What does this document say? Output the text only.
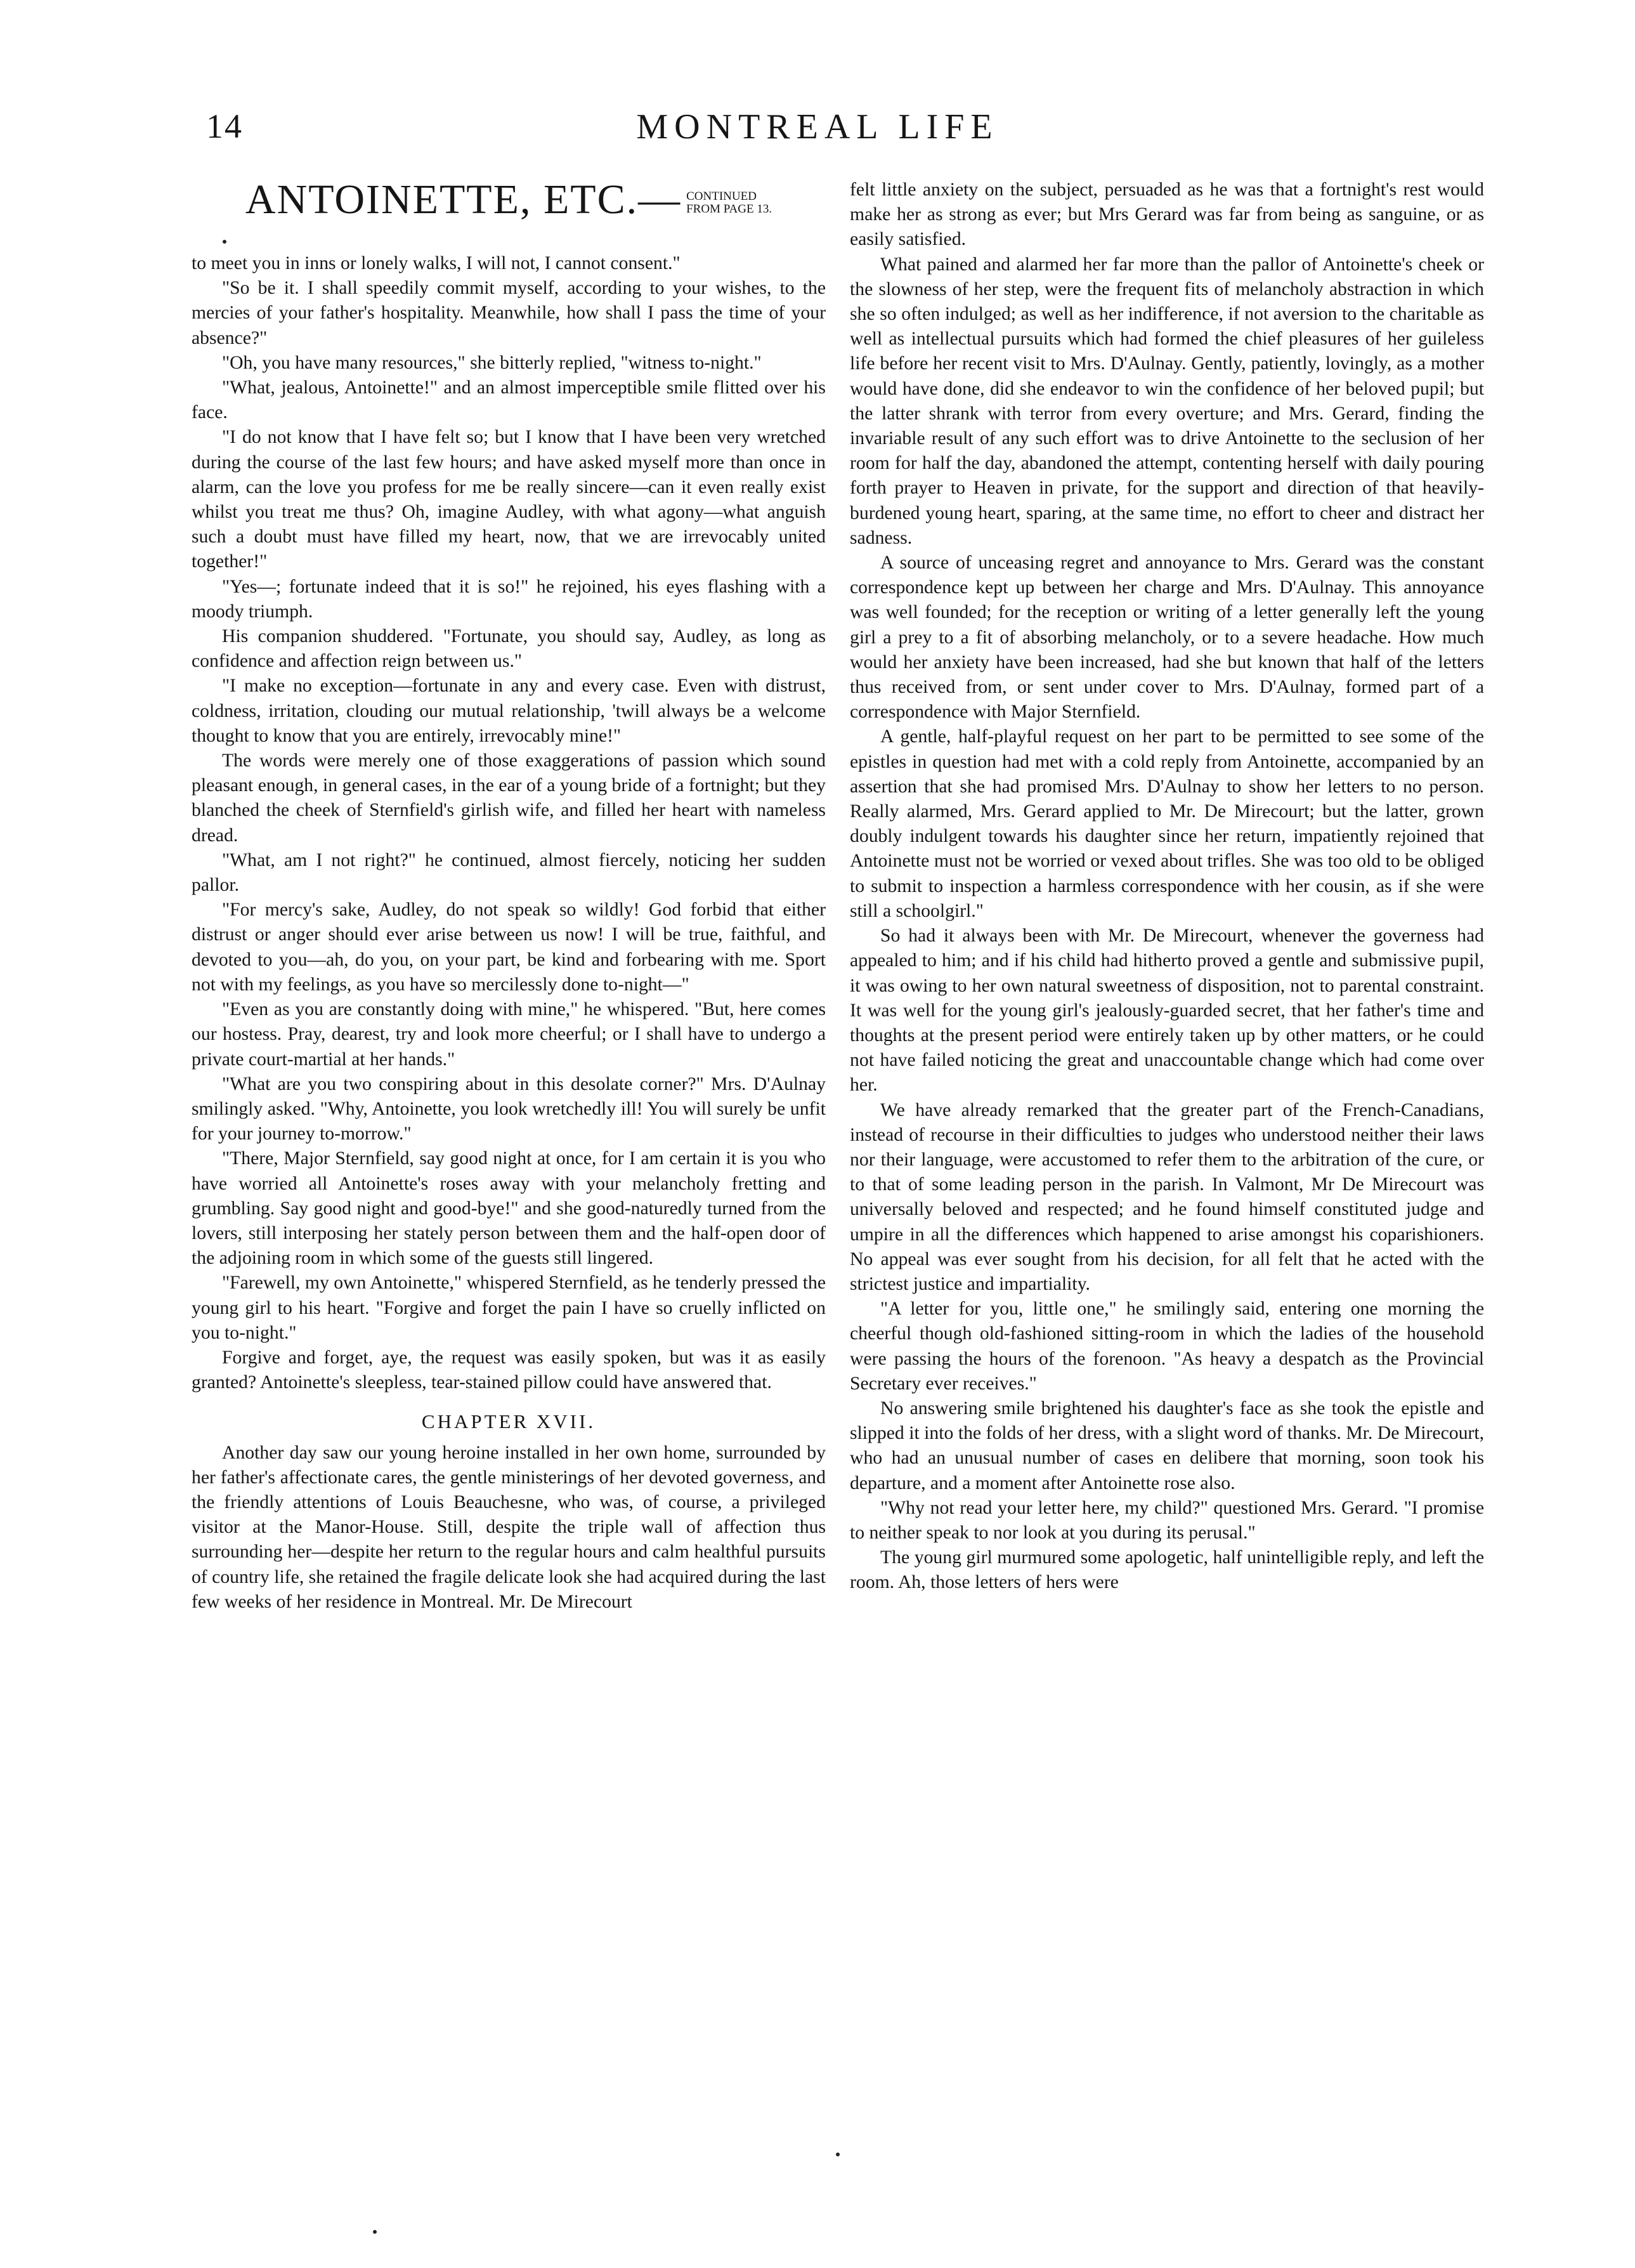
14	MONTREAL LIFE
ANTOINETTE, ETC.— CONTINUED
FROM PAGE 13.

to meet you in inns or lonely walks, I will not, I cannot consent."

"So be it. I shall speedily commit myself, according to your wishes, to the mercies of your father's hospitality. Meanwhile, how shall I pass the time of your absence?"

"Oh, you have many resources," she bitterly replied, "witness to-night."

"What, jealous, Antoinette!" and an almost imperceptible smile flitted over his face.

"I do not know that I have felt so; but I know that I have been very wretched during the course of the last few hours; and have asked myself more than once in alarm, can the love you profess for me be really sincere—can it even really exist whilst you treat me thus? Oh, imagine Audley, with what agony—what anguish such a doubt must have filled my heart, now, that we are irrevocably united together!"

"Yes—; fortunate indeed that it is so!" he rejoined, his eyes flashing with a moody triumph.

His companion shuddered. "Fortunate, you should say, Audley, as long as confidence and affection reign between us."

"I make no exception—fortunate in any and every case. Even with distrust, coldness, irritation, clouding our mutual relationship, 'twill always be a welcome thought to know that you are entirely, irrevocably mine!"

The words were merely one of those exaggerations of passion which sound pleasant enough, in general cases, in the ear of a young bride of a fortnight; but they blanched the cheek of Sternfield's girlish wife, and filled her heart with nameless dread.

"What, am I not right?" he continued, almost fiercely, noticing her sudden pallor.

"For mercy's sake, Audley, do not speak so wildly! God forbid that either distrust or anger should ever arise between us now! I will be true, faithful, and devoted to you—ah, do you, on your part, be kind and forbearing with me. Sport not with my feelings, as you have so mercilessly done to-night—"

"Even as you are constantly doing with mine," he whispered. "But, here comes our hostess. Pray, dearest, try and look more cheerful; or I shall have to undergo a private court-martial at her hands."

"What are you two conspiring about in this desolate corner?" Mrs. D'Aulnay smilingly asked. "Why, Antoinette, you look wretchedly ill! You will surely be unfit for your journey to-morrow."

"There, Major Sternfield, say good night at once, for I am certain it is you who have worried all Antoinette's roses away with your melancholy fretting and grumbling. Say good night and good-bye!" and she good-naturedly turned from the lovers, still interposing her stately person between them and the half-open door of the adjoining room in which some of the guests still lingered.

"Farewell, my own Antoinette," whispered Sternfield, as he tenderly pressed the young girl to his heart. "Forgive and forget the pain I have so cruelly inflicted on you to-night."

Forgive and forget, aye, the request was easily spoken, but was it as easily granted? Antoinette's sleepless, tear-stained pillow could have answered that.

CHAPTER XVII.

Another day saw our young heroine installed in her own home, surrounded by her father's affectionate cares, the gentle ministerings of her devoted governess, and the friendly attentions of Louis Beauchesne, who was, of course, a privileged visitor at the Manor-House. Still, despite the triple wall of affection thus surrounding her—despite her return to the regular hours and calm healthful pursuits of country life, she retained the fragile delicate look she had acquired during the last few weeks of her residence in Montreal. Mr. De Mirecourt

felt little anxiety on the subject, persuaded as he was that a fortnight's rest would make her as strong as ever; but Mrs Gerard was far from being as sanguine, or as easily satisfied.

What pained and alarmed her far more than the pallor of Antoinette's cheek or the slowness of her step, were the frequent fits of melancholy abstraction in which she so often indulged; as well as her indifference, if not aversion to the charitable as well as intellectual pursuits which had formed the chief pleasures of her guileless life before her recent visit to Mrs. D'Aulnay. Gently, patiently, lovingly, as a mother would have done, did she endeavor to win the confidence of her beloved pupil; but the latter shrank with terror from every overture; and Mrs. Gerard, finding the invariable result of any such effort was to drive Antoinette to the seclusion of her room for half the day, abandoned the attempt, contenting herself with daily pouring forth prayer to Heaven in private, for the support and direction of that heavily-burdened young heart, sparing, at the same time, no effort to cheer and distract her sadness.

A source of unceasing regret and annoyance to Mrs. Gerard was the constant correspondence kept up between her charge and Mrs. D'Aulnay. This annoyance was well founded; for the reception or writing of a letter generally left the young girl a prey to a fit of absorbing melancholy, or to a severe headache. How much would her anxiety have been increased, had she but known that half of the letters thus received from, or sent under cover to Mrs. D'Aulnay, formed part of a correspondence with Major Sternfield.

A gentle, half-playful request on her part to be permitted to see some of the epistles in question had met with a cold reply from Antoinette, accompanied by an assertion that she had promised Mrs. D'Aulnay to show her letters to no person. Really alarmed, Mrs. Gerard applied to Mr. De Mirecourt; but the latter, grown doubly indulgent towards his daughter since her return, impatiently rejoined that Antoinette must not be worried or vexed about trifles. She was too old to be obliged to submit to inspection a harmless correspondence with her cousin, as if she were still a schoolgirl."

So had it always been with Mr. De Mirecourt, whenever the governess had appealed to him; and if his child had hitherto proved a gentle and submissive pupil, it was owing to her own natural sweetness of disposition, not to parental constraint. It was well for the young girl's jealously-guarded secret, that her father's time and thoughts at the present period were entirely taken up by other matters, or he could not have failed noticing the great and unaccountable change which had come over her.

We have already remarked that the greater part of the French-Canadians, instead of recourse in their difficulties to judges who understood neither their laws nor their language, were accustomed to refer them to the arbitration of the cure, or to that of some leading person in the parish. In Valmont, Mr De Mirecourt was universally beloved and respected; and he found himself constituted judge and umpire in all the differences which happened to arise amongst his coparishioners. No appeal was ever sought from his decision, for all felt that he acted with the strictest justice and impartiality.

"A letter for you, little one," he smilingly said, entering one morning the cheerful though old-fashioned sitting-room in which the ladies of the household were passing the hours of the forenoon. "As heavy a despatch as the Provincial Secretary ever receives."

No answering smile brightened his daughter's face as she took the epistle and slipped it into the folds of her dress, with a slight word of thanks. Mr. De Mirecourt, who had an unusual number of cases en delibere that morning, soon took his departure, and a moment after Antoinette rose also.

"Why not read your letter here, my child?" questioned Mrs. Gerard. "I promise to neither speak to nor look at you during its perusal."

The young girl murmured some apologetic, half unintelligible reply, and left the room. Ah, those letters of hers were
